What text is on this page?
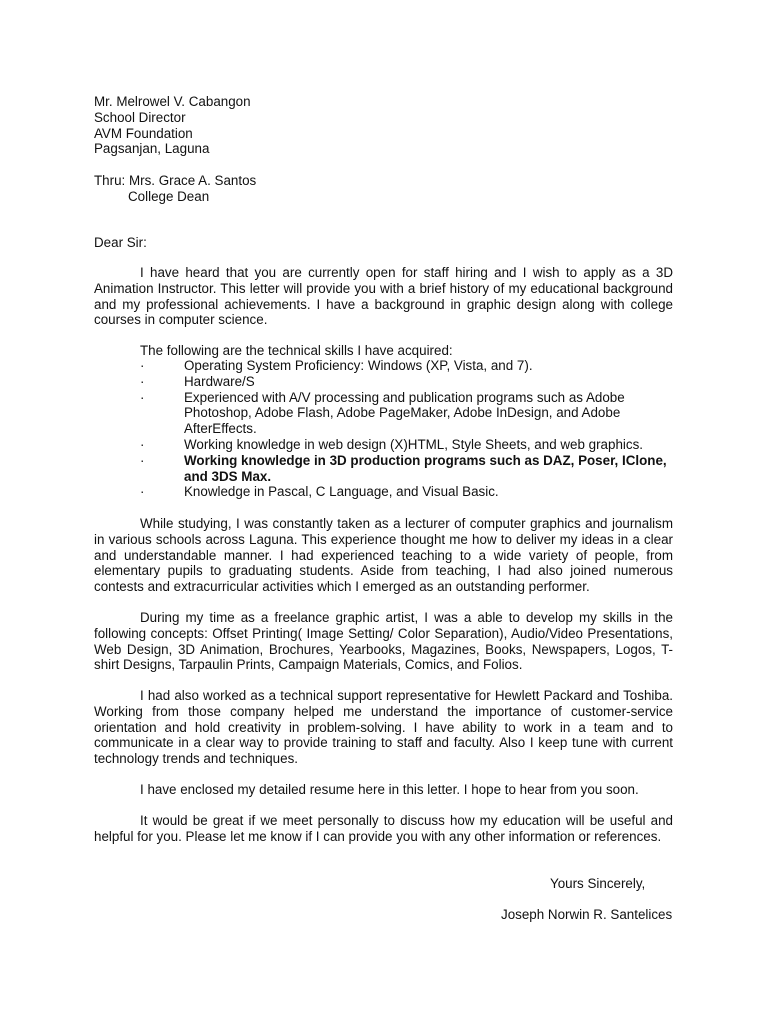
Mr. Melrowel V. Cabangon
School Director
AVM Foundation
Pagsanjan, Laguna
Thru: Mrs. Grace A. Santos
College Dean
Dear Sir:

I have heard that you are currently open for staff hiring and I wish to apply as a 3D Animation Instructor. This letter will provide you with a brief history of my educational background and my professional achievements. I have a background in graphic design along with college courses in computer science.

The following are the technical skills I have acquired:
·	Operating System Proficiency: Windows (XP, Vista, and 7).
·	Hardware/S
·	Experienced with A/V processing and publication programs such as Adobe Photoshop, Adobe Flash, Adobe PageMaker, Adobe InDesign, and Adobe AfterEffects.
·	Working knowledge in web design (X)HTML, Style Sheets, and web graphics.
·	Working knowledge in 3D production programs such as DAZ, Poser, IClone, and 3DS Max.
·	Knowledge in Pascal, C Language, and Visual Basic.

While studying, I was constantly taken as a lecturer of computer graphics and journalism in various schools across Laguna. This experience thought me how to deliver my ideas in a clear and understandable manner. I had experienced teaching to a wide variety of people, from elementary pupils to graduating students. Aside from teaching, I had also joined numerous contests and extracurricular activities which I emerged as an outstanding performer.

During my time as a freelance graphic artist, I was a able to develop my skills in the following concepts: Offset Printing( Image Setting/ Color Separation), Audio/Video Presentations, Web Design, 3D Animation, Brochures, Yearbooks, Magazines, Books, Newspapers, Logos, T-shirt Designs, Tarpaulin Prints, Campaign Materials, Comics, and Folios.

I had also worked as a technical support representative for Hewlett Packard and Toshiba. Working from those company helped me understand the importance of customer-service orientation and hold creativity in problem-solving. I have ability to work in a team and to communicate in a clear way to provide training to staff and faculty. Also I keep tune with current technology trends and techniques.

I have enclosed my detailed resume here in this letter. I hope to hear from you soon.

It would be great if we meet personally to discuss how my education will be useful and helpful for you. Please let me know if I can provide you with any other information or references.

Yours Sincerely,
Joseph Norwin R. Santelices
